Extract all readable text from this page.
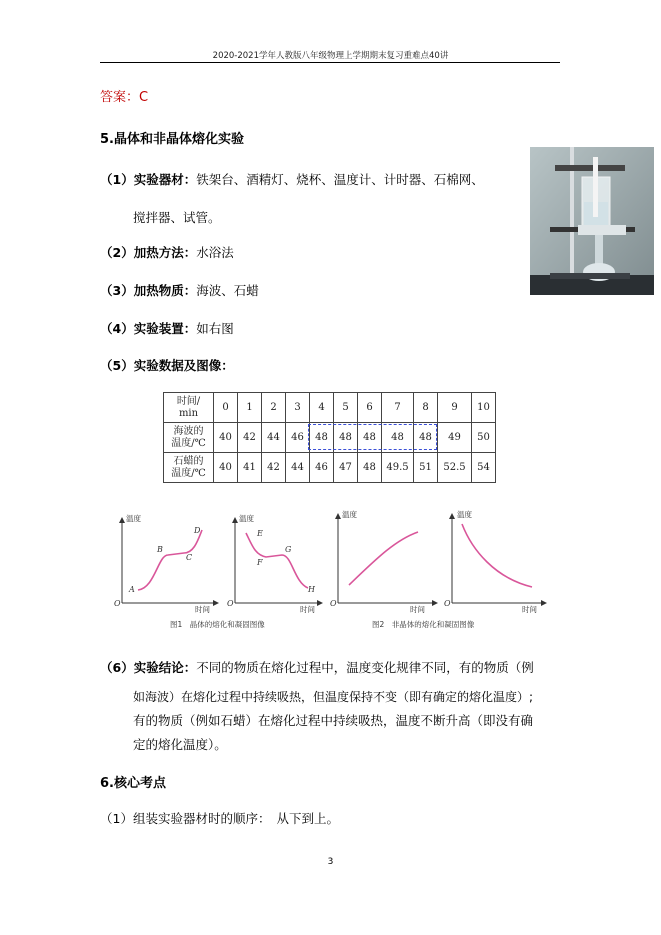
2020-2021学年人教版八年级物理上学期期末复习重难点40讲
答案：C
5.晶体和非晶体熔化实验
（1）实验器材：铁架台、酒精灯、烧杯、温度计、计时器、石棉网、
搅拌器、试管。
（2）加热方法：水浴法
（3）加热物质：海波、石蜡
（4）实验装置：如右图
（5）实验数据及图像：
时间/
min	0	1	2	3	4	5	6	7	8	9	10
海波的
温度/℃	40	42	44	46	48	48	48	48	48	49	50
石蜡的
温度/℃	40	41	42	44	46	47	48	49.5	51	52.5	54
温度
时间
O
A
B
C
D
温度
时间
O
E
F
G
H
温度
时间
O
温度
时间
O
图1　晶体的熔化和凝固图像	图2　非晶体的熔化和凝固图像
（6）实验结论：不同的物质在熔化过程中，温度变化规律不同，有的物质（例
如海波）在熔化过程中持续吸热，但温度保持不变（即有确定的熔化温度）;
有的物质（例如石蜡）在熔化过程中持续吸热，温度不断升高（即没有确
定的熔化温度）。
6.核心考点
（1）组装实验器材时的顺序： 从下到上。
3
